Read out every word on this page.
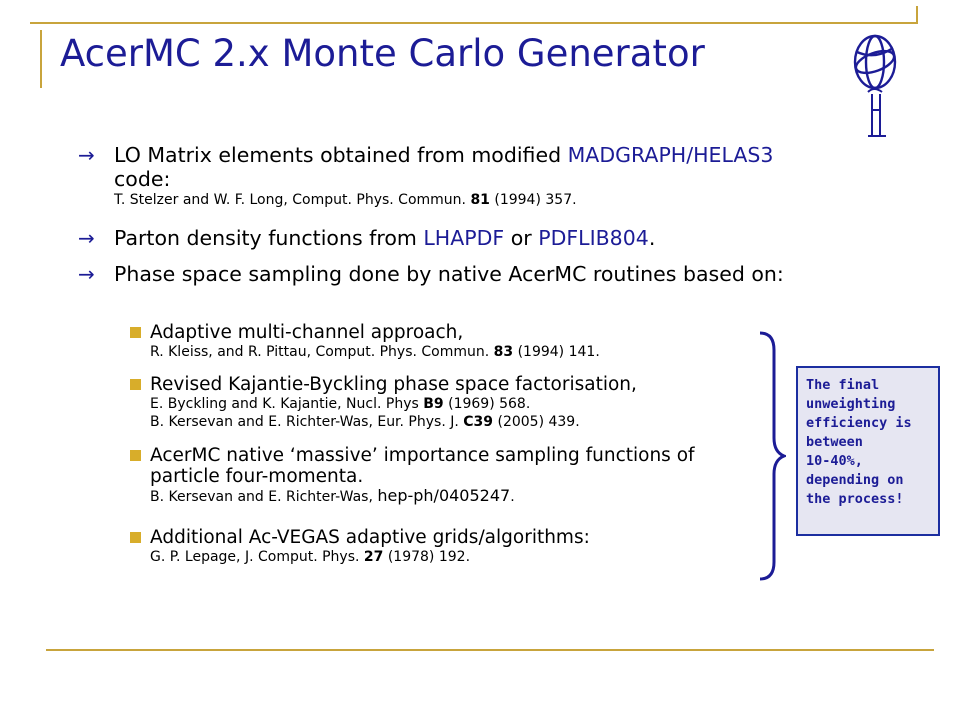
AcerMC 2.x Monte Carlo Generator
→ LO Matrix elements obtained from modified MADGRAPH/HELAS3 code:
T. Stelzer and W. F. Long, Comput. Phys. Commun. 81 (1994) 357.
→ Parton density functions from LHAPDF or PDFLIB804.
→ Phase space sampling done by native AcerMC routines based on:
Adaptive multi-channel approach,
R. Kleiss, and R. Pittau, Comput. Phys. Commun. 83 (1994) 141.
Revised Kajantie-Byckling phase space factorisation,
E. Byckling and K. Kajantie, Nucl. Phys B9 (1969) 568.
B. Kersevan and E. Richter-Was, Eur. Phys. J. C39 (2005) 439.
AcerMC native ‘massive’ importance sampling functions of particle four-momenta.
B. Kersevan and E. Richter-Was, hep-ph/0405247.
Additional Ac-VEGAS adaptive grids/algorithms:
G. P. Lepage, J. Comput. Phys. 27 (1978) 192.
The final
unweighting
efficiency is
between
10-40%,
depending on
the process!
